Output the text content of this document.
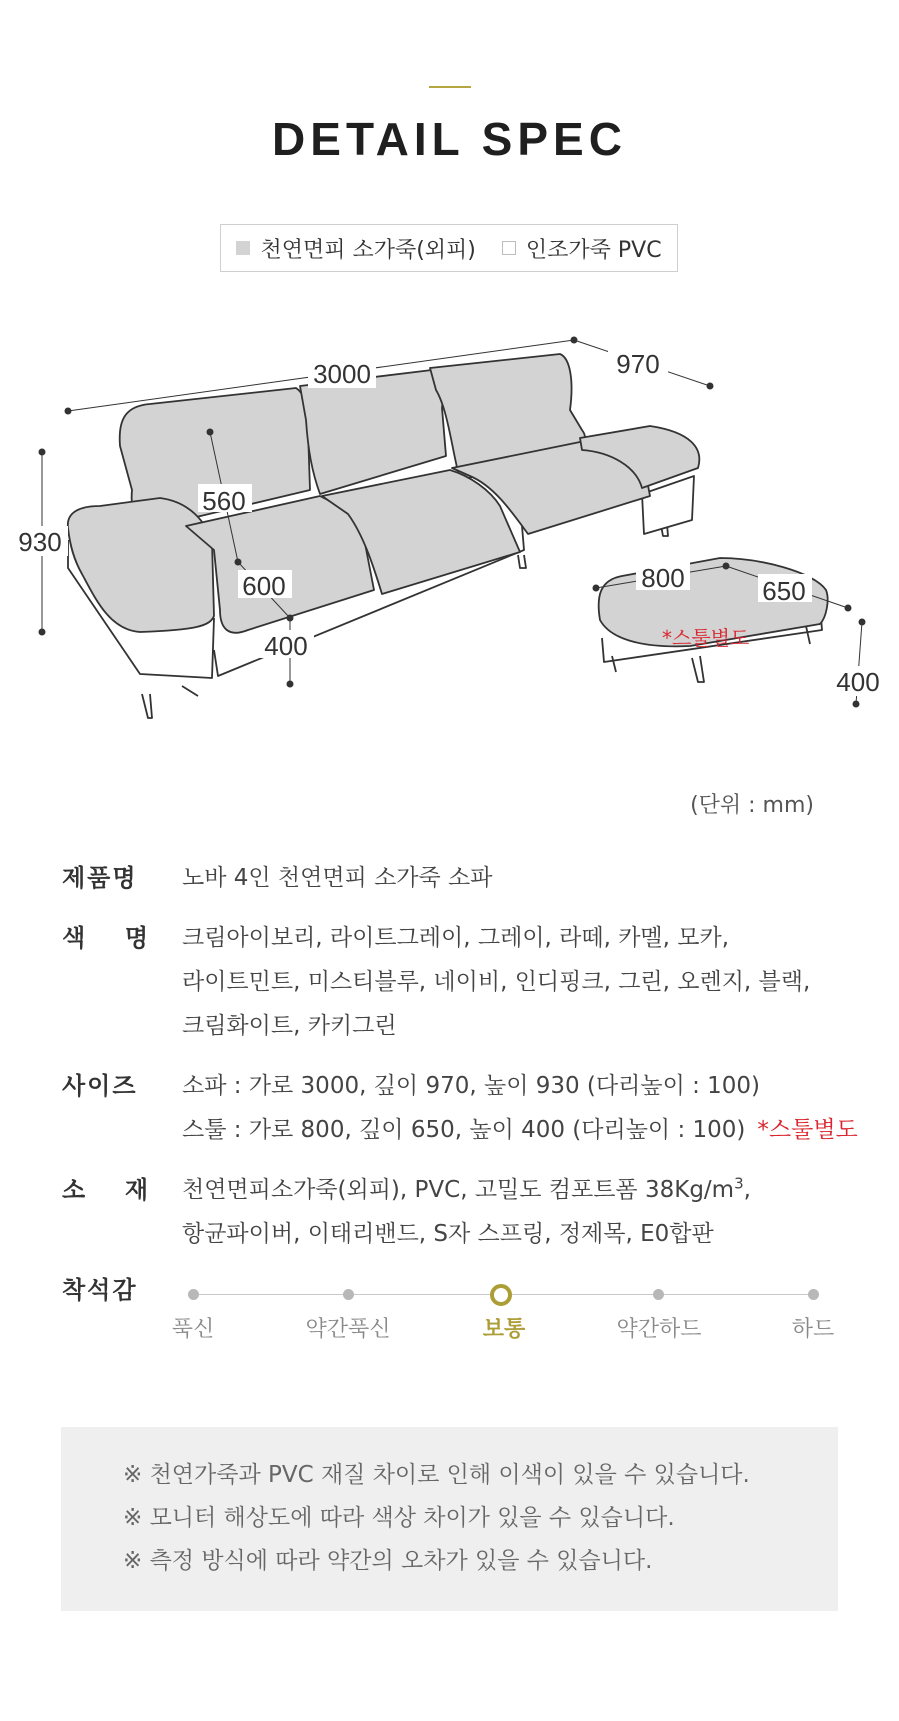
DETAIL SPEC
천연면피 소가죽(외피) 인조가죽 PVC
3000	970
930
560
600
400
800	650
400
*스툴별도
(단위 : mm)
제품명	노바 4인 천연면피 소가죽 소파
색 명 크림아이보리, 라이트그레이, 그레이, 라떼, 카멜, 모카,
라이트민트, 미스티블루, 네이비, 인디핑크, 그린, 오렌지, 블랙,
크림화이트, 카키그린
사이즈	소파 : 가로 3000, 깊이 970, 높이 930 (다리높이 : 100)
스툴 : 가로 800, 깊이 650, 높이 400 (다리높이 : 100) *스툴별도
소 재 천연면피소가죽(외피), PVC, 고밀도 컴포트폼 $38Kg/m^3$,
항균파이버, 이태리밴드, S자 스프링, 정제목, E0합판
착석감
푹신	약간푹신	보통	약간하드	하드
※ 천연가죽과 PVC 재질 차이로 인해 이색이 있을 수 있습니다.
※ 모니터 해상도에 따라 색상 차이가 있을 수 있습니다.
※ 측정 방식에 따라 약간의 오차가 있을 수 있습니다.
